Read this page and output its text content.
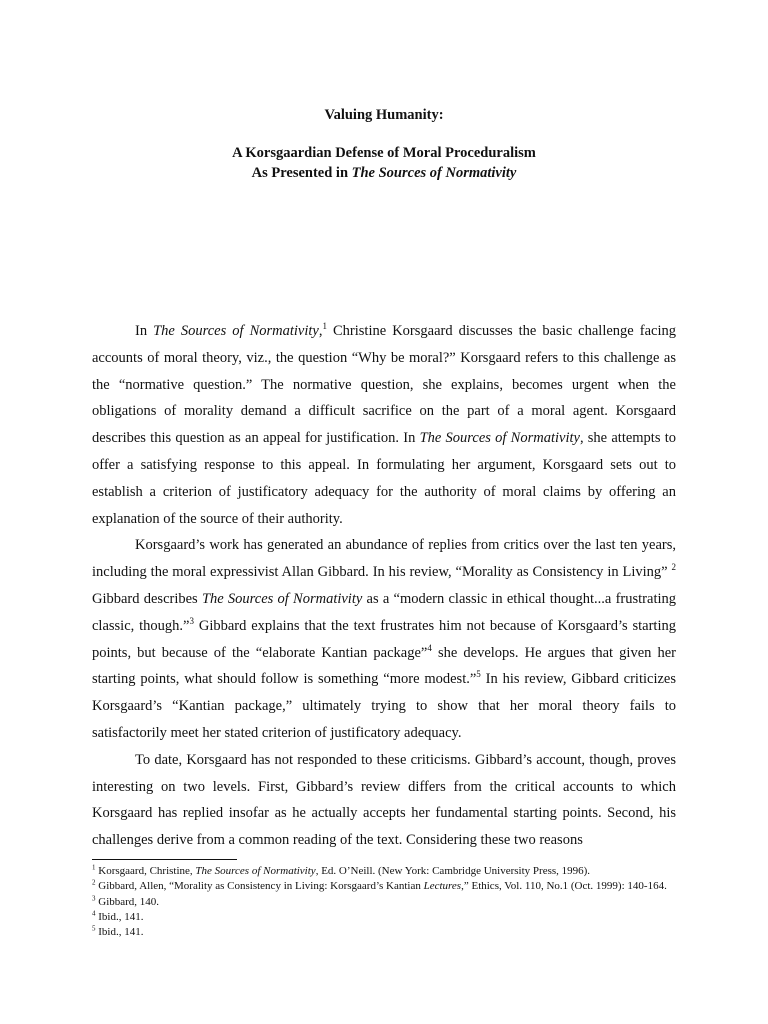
Valuing Humanity:
A Korsgaardian Defense of Moral Proceduralism
As Presented in The Sources of Normativity

In The Sources of Normativity,$^1$ Christine Korsgaard discusses the basic challenge facing accounts of moral theory, viz., the question “Why be moral?” Korsgaard refers to this challenge as the “normative question.” The normative question, she explains, becomes urgent when the obligations of morality demand a difficult sacrifice on the part of a moral agent. Korsgaard describes this question as an appeal for justification. In The Sources of Normativity, she attempts to offer a satisfying response to this appeal. In formulating her argument, Korsgaard sets out to establish a criterion of justificatory adequacy for the authority of moral claims by offering an explanation of the source of their authority.

Korsgaard’s work has generated an abundance of replies from critics over the last ten years, including the moral expressivist Allan Gibbard. In his review, “Morality as Consistency in Living” $^2$ Gibbard describes The Sources of Normativity as a “modern classic in ethical thought...a frustrating classic, though.”$^3$ Gibbard explains that the text frustrates him not because of Korsgaard’s starting points, but because of the “elaborate Kantian package”$^4$ she develops. He argues that given her starting points, what should follow is something “more modest.”$^5$ In his review, Gibbard criticizes Korsgaard’s “Kantian package,” ultimately trying to show that her moral theory fails to satisfactorily meet her stated criterion of justificatory adequacy.

To date, Korsgaard has not responded to these criticisms. Gibbard’s account, though, proves interesting on two levels. First, Gibbard’s review differs from the critical accounts to which Korsgaard has replied insofar as he actually accepts her fundamental starting points. Second, his challenges derive from a common reading of the text. Considering these two reasons

$^1$ Korsgaard, Christine, The Sources of Normativity, Ed. O’Neill. (New York: Cambridge University Press, 1996).
$^2$ Gibbard, Allen, “Morality as Consistency in Living: Korsgaard’s Kantian Lectures,” Ethics, Vol. 110, No.1 (Oct. 1999): 140-164.
$^3$ Gibbard, 140.
$^4$ Ibid., 141.
$^5$ Ibid., 141.
